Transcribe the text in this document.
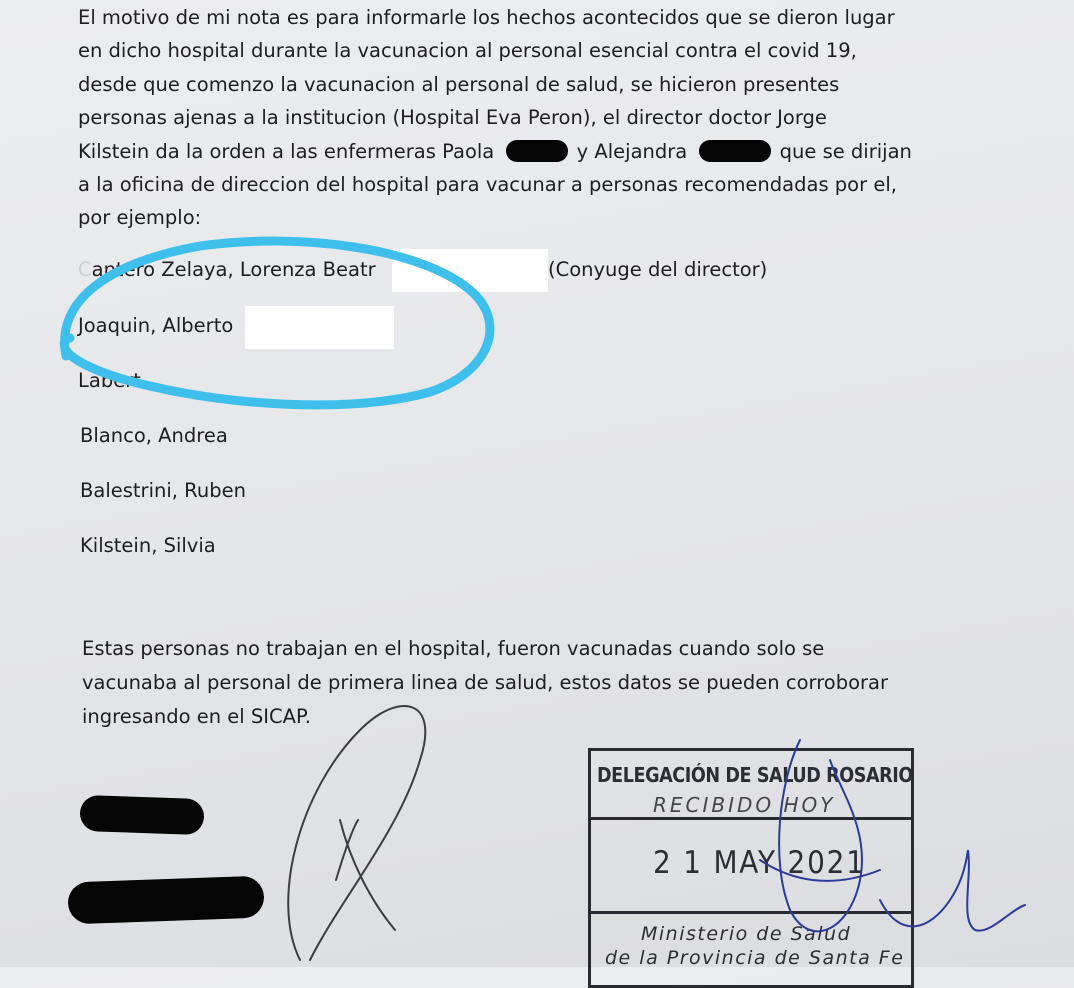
El motivo de mi nota es para informarle los hechos acontecidos que se dieron lugar
en dicho hospital durante la vacunacion al personal esencial contra el covid 19,
desde que comenzo la vacunacion al personal de salud, se hicieron presentes
personas ajenas a la institucion (Hospital Eva Peron), el director doctor Jorge
Kilstein da la orden a las enfermeras Paola	y Alejandra	que se dirijan
a la oficina de direccion del hospital para vacunar a personas recomendadas por el,
por ejemplo:
Cantero Zelaya, Lorenza Beatr	(Conyuge del director)
Joaquin, Alberto
Labert
Blanco, Andrea
Balestrini, Ruben
Kilstein, Silvia
Estas personas no trabajan en el hospital, fueron vacunadas cuando solo se
vacunaba al personal de primera linea de salud, estos datos se pueden corroborar
ingresando en el SICAP.
DELEGACIÓN DE SALUD ROSARIO
RECIBIDO HOY
2 1 MAY 2021
Ministerio de Salud
de la Provincia de Santa Fe
